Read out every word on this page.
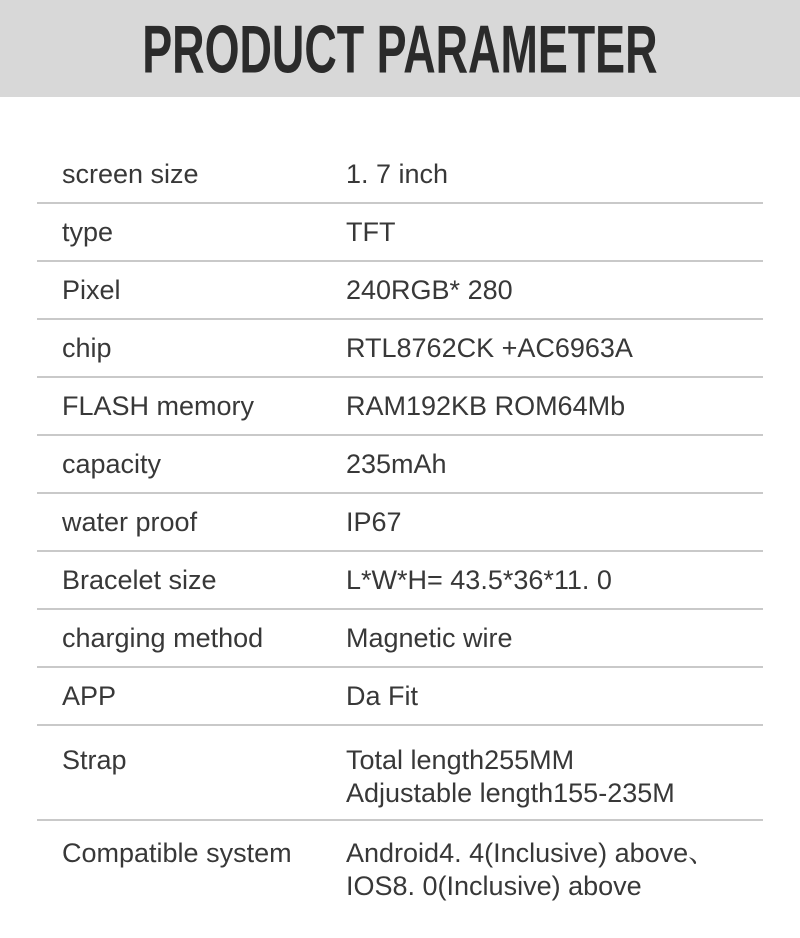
PRODUCT PARAMETER
screen size	1. 7 inch
type	TFT
Pixel	240RGB* 280
chip	RTL8762CK +AC6963A
FLASH memory	RAM192KB ROM64Mb
capacity	235mAh
water proof	IP67
Bracelet size	L*W*H= 43.5*36*11. 0
charging method	Magnetic wire
APP	Da Fit
Strap	Total length255MM
Adjustable length155-235M
Compatible system	Android4. 4(Inclusive) above、
IOS8. 0(Inclusive) above
